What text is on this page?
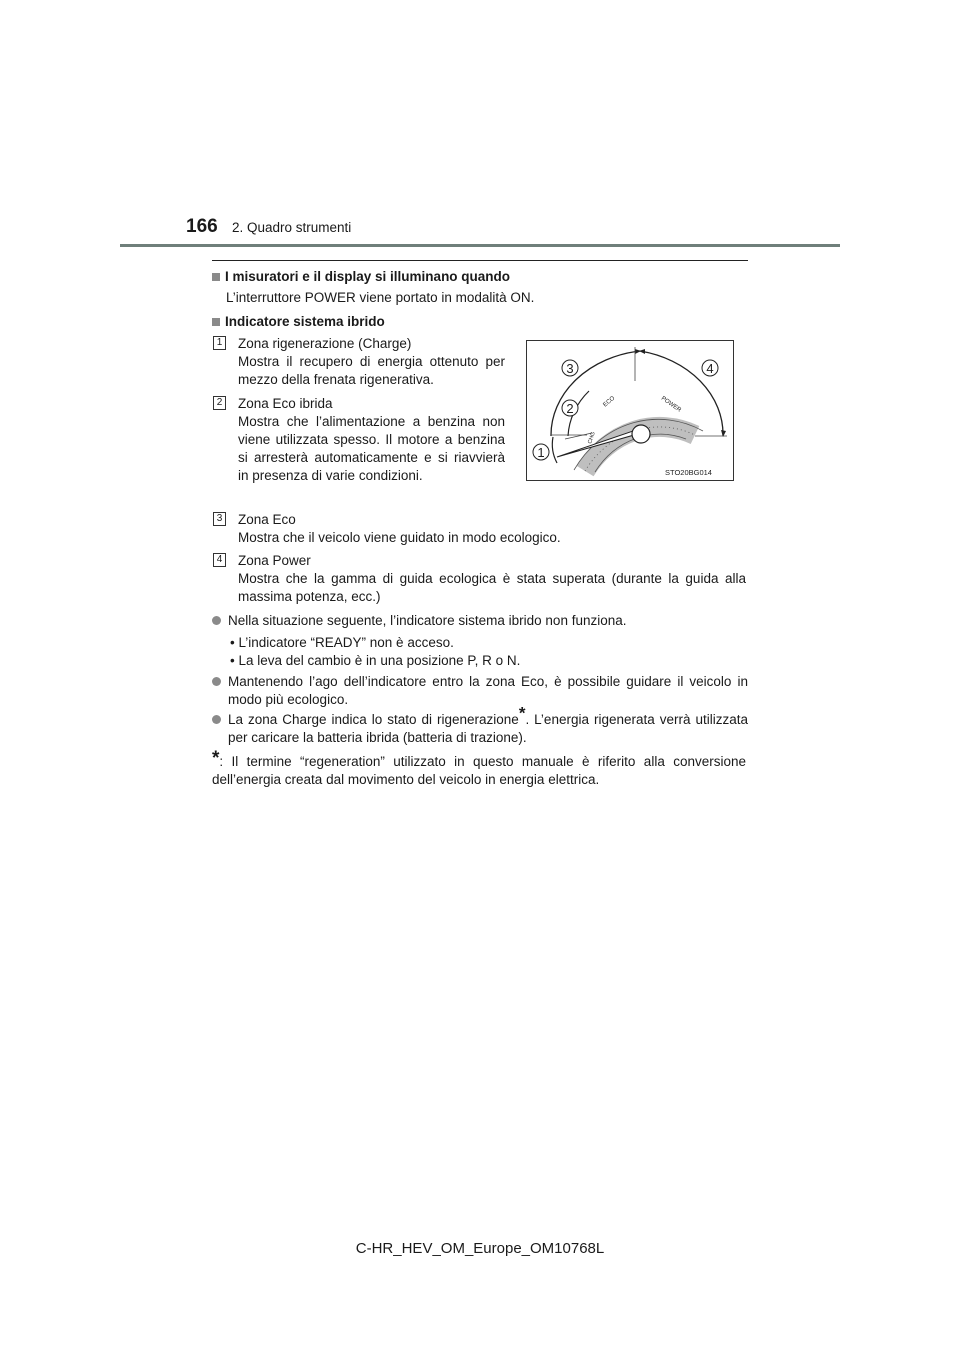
166 2. Quadro strumenti
I misuratori e il display si illuminano quando
L’interruttore POWER viene portato in modalità ON.
Indicatore sistema ibrido
1 Zona rigenerazione (Charge)
Mostra il recupero di energia ottenuto per mezzo della frenata rigenerativa.
2 Zona Eco ibrida
Mostra che l’alimentazione a benzina non viene utilizzata spesso. Il motore a benzina si arresterà automaticamente e si riavvierà in presenza di varie condizioni.
ECO	POWER
CHG
3	4
2
1
STO20BG014
3 Zona Eco
Mostra che il veicolo viene guidato in modo ecologico.
4 Zona Power
Mostra che la gamma di guida ecologica è stata superata (durante la guida alla massima potenza, ecc.)
Nella situazione seguente, l’indicatore sistema ibrido non funziona.
• L’indicatore “READY” non è acceso.
• La leva del cambio è in una posizione P, R o N.
Mantenendo l’ago dell’indicatore entro la zona Eco, è possibile guidare il veicolo in modo più ecologico.
La zona Charge indica lo stato di rigenerazione*. L’energia rigenerata verrà utilizzata per caricare la batteria ibrida (batteria di trazione).
*: Il termine “regeneration” utilizzato in questo manuale è riferito alla conversione dell’energia creata dal movimento del veicolo in energia elettrica.
C-HR_HEV_OM_Europe_OM10768L
